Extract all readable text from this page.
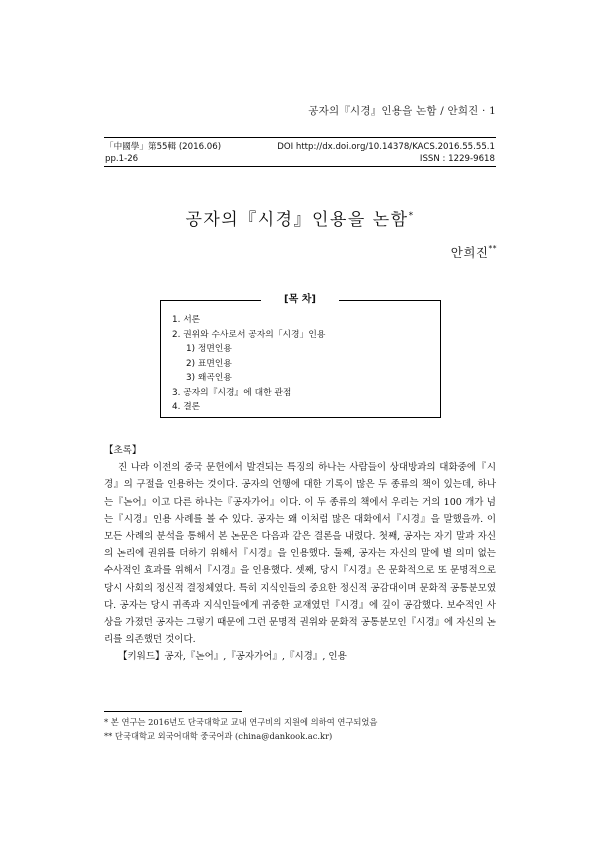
공자의『시경』인용을 논함 / 안희진 · 1
「中國學」第55輯 (2016.06)
pp.1-26
DOI http://dx.doi.org/10.14378/KACS.2016.55.55.1
ISSN : 1229-9618
공자의『시경』인용을 논함*
안희진**
[목 차]
1. 서론
2. 권위와 수사로서 공자의「시경」인용
1) 정면인용
2) 표면인용
3) 왜곡인용
3. 공자의『시경』에 대한 관점
4. 결론
【초록】

진 나라 이전의 중국 문헌에서 발견되는 특징의 하나는 사람들이 상대방과의 대화중에『시경』의 구절을 인용하는 것이다. 공자의 언행에 대한 기록이 많은 두 종류의 책이 있는데, 하나는『논어』이고 다른 하나는『공자가어』이다. 이 두 종류의 책에서 우리는 거의 100 개가 넘는『시경』인용 사례를 볼 수 있다. 공자는 왜 이처럼 많은 대화에서『시경』을 말했을까. 이 모든 사례의 분석을 통해서 본 논문은 다음과 같은 결론을 내렸다. 첫째, 공자는 자기 말과 자신의 논리에 권위를 더하기 위해서『시경』을 인용했다. 둘째, 공자는 자신의 말에 별 의미 없는 수사적인 효과를 위해서『시경』을 인용했다. 셋째, 당시『시경』은 문화적으로 또 문명적으로 당시 사회의 정신적 결정체였다. 특히 지식인들의 중요한 정신적 공감대이며 문화적 공통분모였다. 공자는 당시 귀족과 지식인들에게 귀중한 교재였던『시경』에 깊이 공감했다. 보수적인 사상을 가졌던 공자는 그렇기 때문에 그런 문명적 권위와 문화적 공통분모인『시경』에 자신의 논리를 의존했던 것이다.

【키워드】공자,『논어』,『공자가어』,『시경』, 인용

* 본 연구는 2016년도 단국대학교 교내 연구비의 지원에 의하여 연구되었음
** 단국대학교 외국어대학 중국어과 (china@dankook.ac.kr)
